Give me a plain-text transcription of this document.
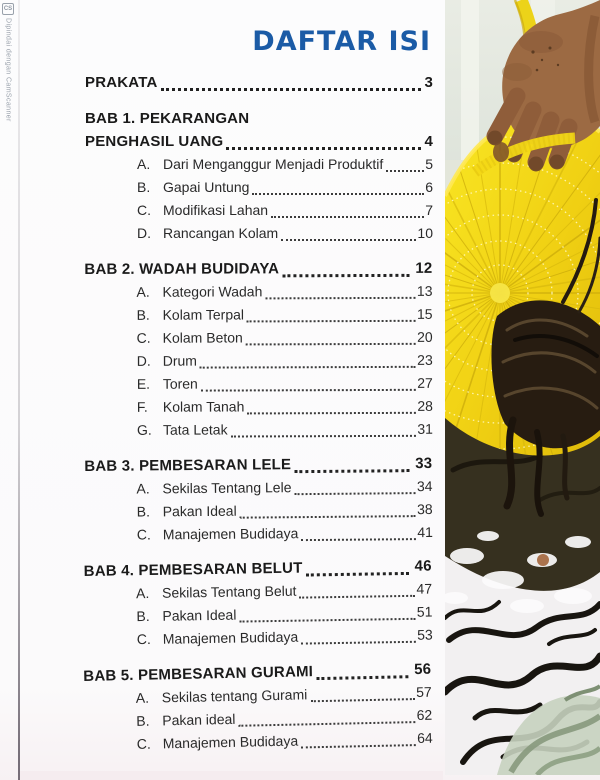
CS
Dipindai dengan CamScanner	DAFTAR ISI
PRAKATA	3
BAB 1. PEKARANGAN
PENGHASIL UANG	4
A. Dari Menganggur Menjadi Produktif	5
B. Gapai Untung	6
C. Modifikasi Lahan	7
D. Rancangan Kolam	10
BAB 2. WADAH BUDIDAYA	12
A. Kategori Wadah	13
B. Kolam Terpal	15
C. Kolam Beton	20
D. Drum	23
E. Toren	27
F.	Kolam Tanah	28
G. Tata Letak	31
BAB 3. PEMBESARAN LELE	33
A. Sekilas Tentang Lele	34
B. Pakan Ideal	38
C. Manajemen Budidaya	41
BAB 4. PEMBESARAN BELUT	46
A. Sekilas Tentang Belut	47
B. Pakan Ideal	51
C. Manajemen Budidaya	53
BAB 5. PEMBESARAN GURAMI	56
A. Sekilas tentang Gurami	57
B. Pakan ideal	62
C. Manajemen Budidaya	64
